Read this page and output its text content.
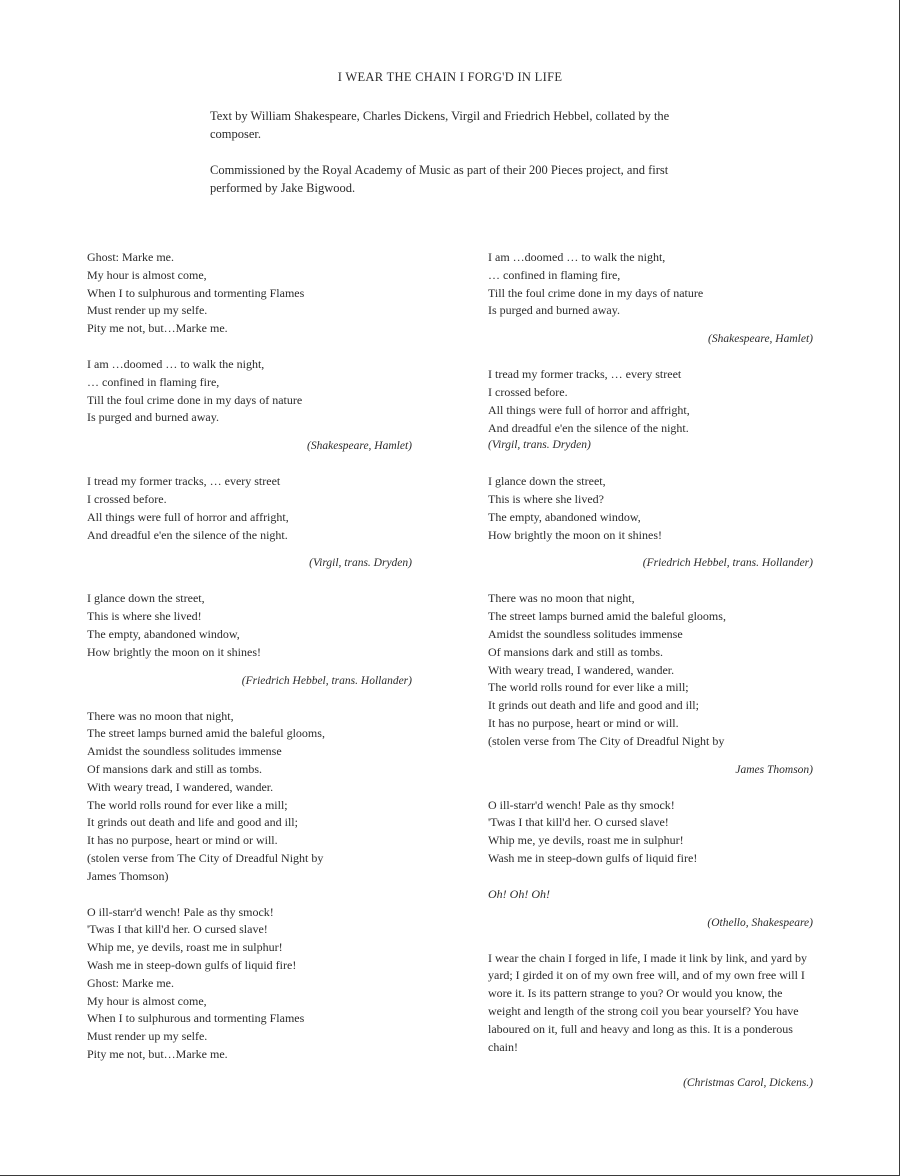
I WEAR THE CHAIN I FORG'D IN LIFE

Text by William Shakespeare, Charles Dickens, Virgil and Friedrich Hebbel, collated by the composer.

Commissioned by the Royal Academy of Music as part of their 200 Pieces project, and first performed by Jake Bigwood.

Ghost: Marke me.
My hour is almost come,
When I to sulphurous and tormenting Flames
Must render up my selfe.
Pity me not, but…Marke me.
I am …doomed … to walk the night,
… confined in flaming fire,
Till the foul crime done in my days of nature
Is purged and burned away.
(Shakespeare, Hamlet)
I tread my former tracks, … every street
I crossed before.
All things were full of horror and affright,
And dreadful e'en the silence of the night.
(Virgil, trans. Dryden)
I glance down the street,
This is where she lived!
The empty, abandoned window,
How brightly the moon on it shines!
(Friedrich Hebbel, trans. Hollander)
There was no moon that night,
The street lamps burned amid the baleful glooms,
Amidst the soundless solitudes immense
Of mansions dark and still as tombs.
With weary tread, I wandered, wander.
The world rolls round for ever like a mill;
It grinds out death and life and good and ill;
It has no purpose, heart or mind or will.
(stolen verse from The City of Dreadful Night by
James Thomson)
O ill-starr'd wench! Pale as thy smock!
'Twas I that kill'd her. O cursed slave!
Whip me, ye devils, roast me in sulphur!
Wash me in steep-down gulfs of liquid fire!
Ghost: Marke me.
My hour is almost come,
When I to sulphurous and tormenting Flames
Must render up my selfe.
Pity me not, but…Marke me.
I am …doomed … to walk the night,
… confined in flaming fire,
Till the foul crime done in my days of nature
Is purged and burned away.
(Shakespeare, Hamlet)
I tread my former tracks, … every street
I crossed before.
All things were full of horror and affright,
And dreadful e'en the silence of the night.
(Virgil, trans. Dryden)
I glance down the street,
This is where she lived?
The empty, abandoned window,
How brightly the moon on it shines!
(Friedrich Hebbel, trans. Hollander)
There was no moon that night,
The street lamps burned amid the baleful glooms,
Amidst the soundless solitudes immense
Of mansions dark and still as tombs.
With weary tread, I wandered, wander.
The world rolls round for ever like a mill;
It grinds out death and life and good and ill;
It has no purpose, heart or mind or will.
(stolen verse from The City of Dreadful Night by
James Thomson)
O ill-starr'd wench! Pale as thy smock!
'Twas I that kill'd her. O cursed slave!
Whip me, ye devils, roast me in sulphur!
Wash me in steep-down gulfs of liquid fire!
Oh! Oh! Oh!
(Othello, Shakespeare)
I wear the chain I forged in life, I made it link by link, and yard by yard; I girded it on of my own free will, and of my own free will I wore it. Is its pattern strange to you? Or would you know, the weight and length of the strong coil you bear yourself? You have laboured on it, full and heavy and long as this. It is a ponderous chain!
(Christmas Carol, Dickens.)
